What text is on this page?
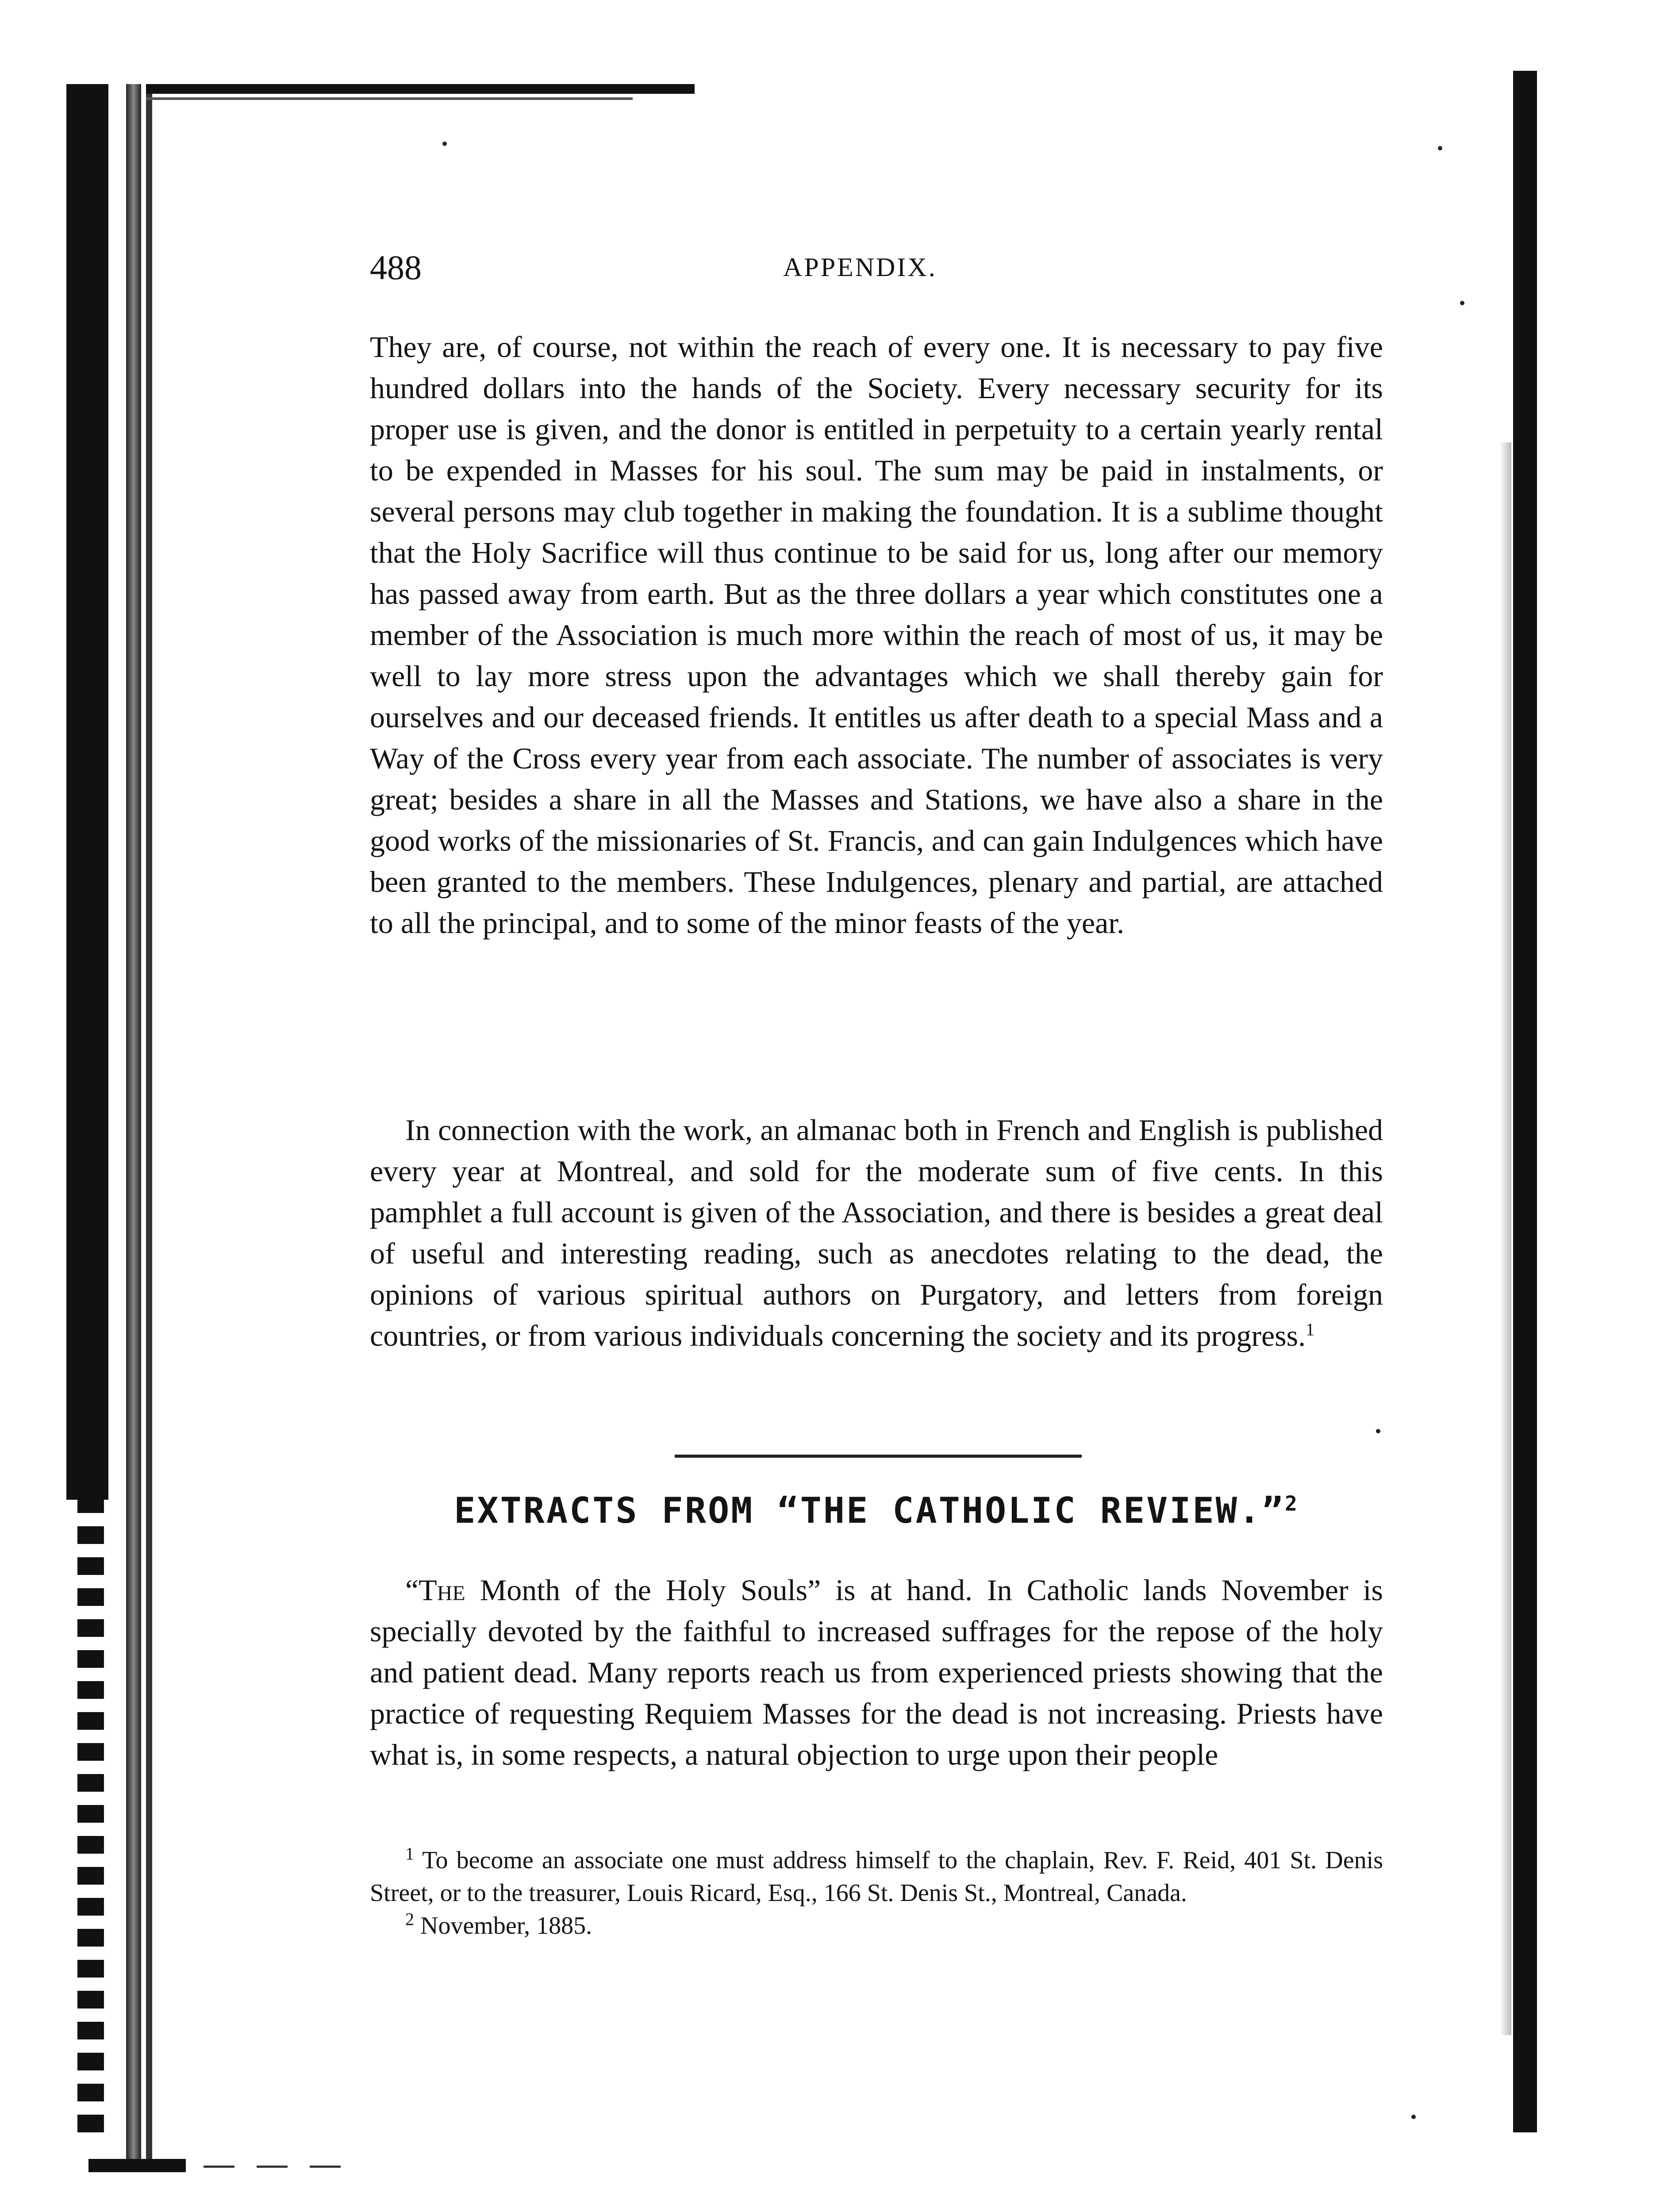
488	APPENDIX.

They are, of course, not within the reach of every one. It is necessary to pay five hundred dollars into the hands of the Society. Every necessary security for its proper use is given, and the donor is entitled in perpetuity to a certain yearly rental to be expended in Masses for his soul. The sum may be paid in instalments, or several persons may club together in making the foundation. It is a sublime thought that the Holy Sacrifice will thus continue to be said for us, long after our memory has passed away from earth. But as the three dollars a year which constitutes one a member of the Association is much more within the reach of most of us, it may be well to lay more stress upon the advantages which we shall thereby gain for ourselves and our deceased friends. It entitles us after death to a special Mass and a Way of the Cross every year from each associate. The number of associates is very great; besides a share in all the Masses and Stations, we have also a share in the good works of the missionaries of St. Francis, and can gain Indulgences which have been granted to the members. These Indulgences, plenary and partial, are attached to all the principal, and to some of the minor feasts of the year.

In connection with the work, an almanac both in French and English is published every year at Montreal, and sold for the moderate sum of five cents. In this pamphlet a full account is given of the Association, and there is besides a great deal of useful and interesting reading, such as anecdotes relating to the dead, the opinions of various spiritual authors on Purgatory, and letters from foreign countries, or from various individuals concerning the society and its progress.$^1$

EXTRACTS FROM “THE CATHOLIC REVIEW.”$^2$

“The Month of the Holy Souls” is at hand. In Catholic lands November is specially devoted by the faithful to increased suffrages for the repose of the holy and patient dead. Many reports reach us from experienced priests showing that the practice of requesting Requiem Masses for the dead is not increasing. Priests have what is, in some respects, a natural objection to urge upon their people

$^1$ To become an associate one must address himself to the chaplain, Rev. F. Reid, 401 St. Denis Street, or to the treasurer, Louis Ricard, Esq., 166 St. Denis St., Montreal, Canada.

$^2$ November, 1885.
